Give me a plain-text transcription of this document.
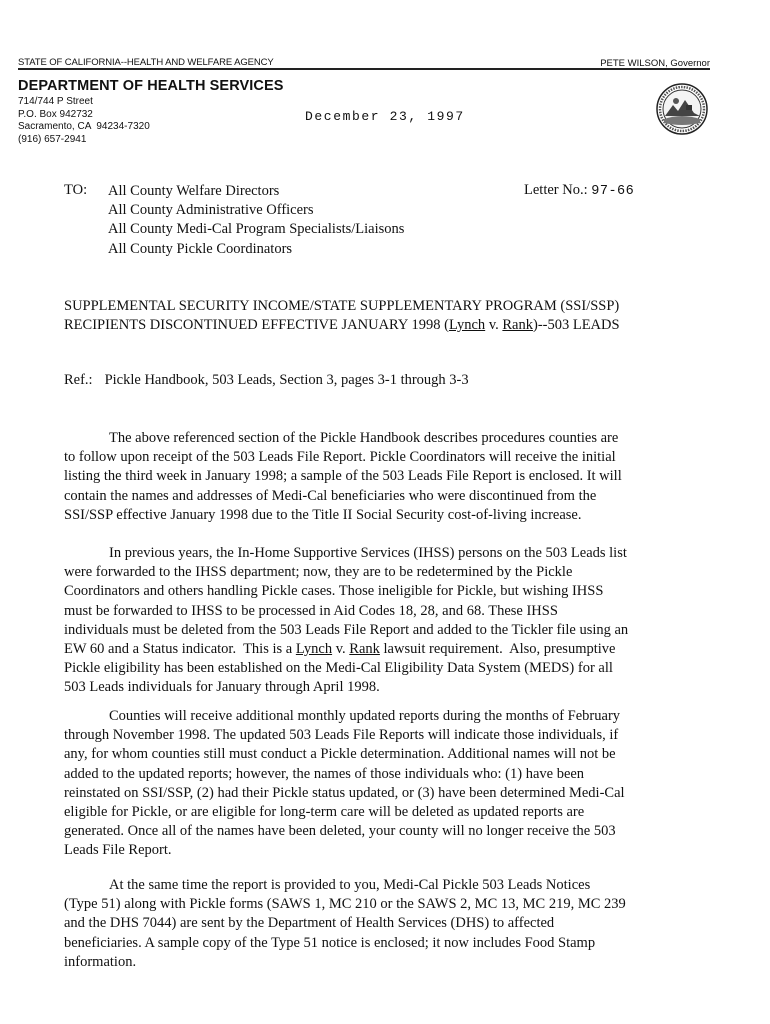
STATE OF CALIFORNIA--HEALTH AND WELFARE AGENCY	PETE WILSON, Governor
DEPARTMENT OF HEALTH SERVICES
714/744 P Street
P.O. Box 942732
Sacramento, CA  94234-7320
(916) 657-2941
December 23, 1997
TO: All County Welfare Directors
All County Administrative Officers
All County Medi-Cal Program Specialists/Liaisons
All County Pickle Coordinators
Letter No.: 97-66
SUPPLEMENTAL SECURITY INCOME/STATE SUPPLEMENTARY PROGRAM (SSI/SSP)
RECIPIENTS DISCONTINUED EFFECTIVE JANUARY 1998 (Lynch v. Rank)--503 LEADS
Ref.: Pickle Handbook, 503 Leads, Section 3, pages 3-1 through 3-3
The above referenced section of the Pickle Handbook describes procedures counties are
to follow upon receipt of the 503 Leads File Report. Pickle Coordinators will receive the initial
listing the third week in January 1998; a sample of the 503 Leads File Report is enclosed. It will
contain the names and addresses of Medi-Cal beneficiaries who were discontinued from the
SSI/SSP effective January 1998 due to the Title II Social Security cost-of-living increase.
In previous years, the In-Home Supportive Services (IHSS) persons on the 503 Leads list
were forwarded to the IHSS department; now, they are to be redetermined by the Pickle
Coordinators and others handling Pickle cases. Those ineligible for Pickle, but wishing IHSS
must be forwarded to IHSS to be processed in Aid Codes 18, 28, and 68. These IHSS
individuals must be deleted from the 503 Leads File Report and added to the Tickler file using an
EW 60 and a Status indicator.  This is a Lynch v. Rank lawsuit requirement.  Also, presumptive
Pickle eligibility has been established on the Medi-Cal Eligibility Data System (MEDS) for all
503 Leads individuals for January through April 1998.
Counties will receive additional monthly updated reports during the months of February
through November 1998. The updated 503 Leads File Reports will indicate those individuals, if
any, for whom counties still must conduct a Pickle determination. Additional names will not be
added to the updated reports; however, the names of those individuals who: (1) have been
reinstated on SSI/SSP, (2) had their Pickle status updated, or (3) have been determined Medi-Cal
eligible for Pickle, or are eligible for long-term care will be deleted as updated reports are
generated. Once all of the names have been deleted, your county will no longer receive the 503
Leads File Report.
At the same time the report is provided to you, Medi-Cal Pickle 503 Leads Notices
(Type 51) along with Pickle forms (SAWS 1, MC 210 or the SAWS 2, MC 13, MC 219, MC 239
and the DHS 7044) are sent by the Department of Health Services (DHS) to affected
beneficiaries. A sample copy of the Type 51 notice is enclosed; it now includes Food Stamp
information.
